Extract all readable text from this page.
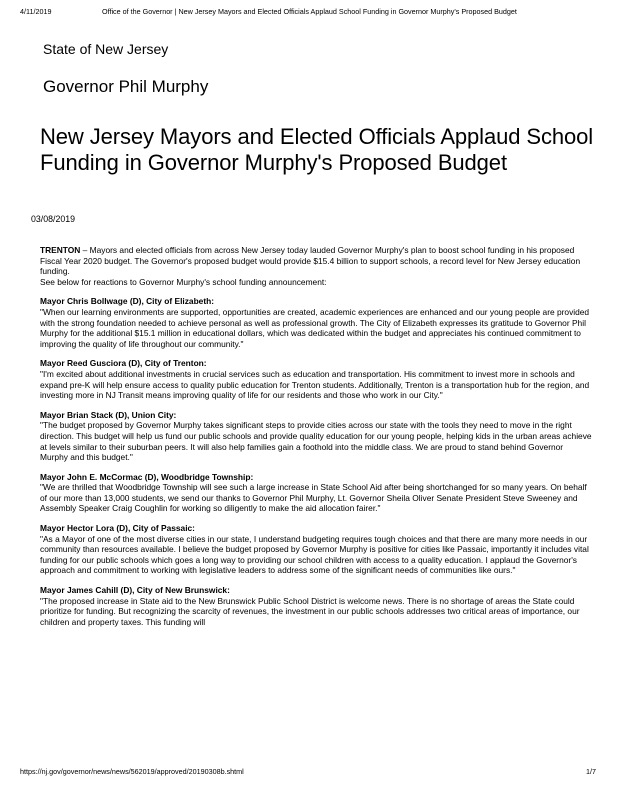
4/11/2019	Office of the Governor | New Jersey Mayors and Elected Officials Applaud School Funding in Governor Murphy's Proposed Budget
State of New Jersey
Governor Phil Murphy
New Jersey Mayors and Elected Officials Applaud School Funding in Governor Murphy's Proposed Budget
03/08/2019

TRENTON – Mayors and elected officials from across New Jersey today lauded Governor Murphy's plan to boost school funding in his proposed Fiscal Year 2020 budget. The Governor's proposed budget would provide $15.4 billion to support schools, a record level for New Jersey education funding.
See below for reactions to Governor Murphy's school funding announcement:

Mayor Chris Bollwage (D), City of Elizabeth:
"When our learning environments are supported, opportunities are created, academic experiences are enhanced and our young people are provided with the strong foundation needed to achieve personal as well as professional growth. The City of Elizabeth expresses its gratitude to Governor Phil Murphy for the additional $15.1 million in educational dollars, which was dedicated within the budget and appreciates his continued commitment to improving the quality of life throughout our community."

Mayor Reed Gusciora (D), City of Trenton:
"I'm excited about additional investments in crucial services such as education and transportation. His commitment to invest more in schools and expand pre-K will help ensure access to quality public education for Trenton students. Additionally, Trenton is a transportation hub for the region, and investing more in NJ Transit means improving quality of life for our residents and those who work in our City."

Mayor Brian Stack (D), Union City:
"The budget proposed by Governor Murphy takes significant steps to provide cities across our state with the tools they need to move in the right direction. This budget will help us fund our public schools and provide quality education for our young people, helping kids in the urban areas achieve at levels similar to their suburban peers. It will also help families gain a foothold into the middle class. We are proud to stand behind Governor Murphy and this budget."

Mayor John E. McCormac (D), Woodbridge Township:
"We are thrilled that Woodbridge Township will see such a large increase in State School Aid after being shortchanged for so many years. On behalf of our more than 13,000 students, we send our thanks to Governor Phil Murphy, Lt. Governor Sheila Oliver Senate President Steve Sweeney and Assembly Speaker Craig Coughlin for working so diligently to make the aid allocation fairer."

Mayor Hector Lora (D), City of Passaic:
"As a Mayor of one of the most diverse cities in our state, I understand budgeting requires tough choices and that there are many more needs in our community than resources available. I believe the budget proposed by Governor Murphy is positive for cities like Passaic, importantly it includes vital funding for our public schools which goes a long way to providing our school children with access to a quality education. I applaud the Governor's approach and commitment to working with legislative leaders to address some of the significant needs of communities like ours."

Mayor James Cahill (D), City of New Brunswick:
"The proposed increase in State aid to the New Brunswick Public School District is welcome news. There is no shortage of areas the State could prioritize for funding. But recognizing the scarcity of revenues, the investment in our public schools addresses two critical areas of importance, our children and property taxes. This funding will

https://nj.gov/governor/news/news/562019/approved/20190308b.shtml	1/7
